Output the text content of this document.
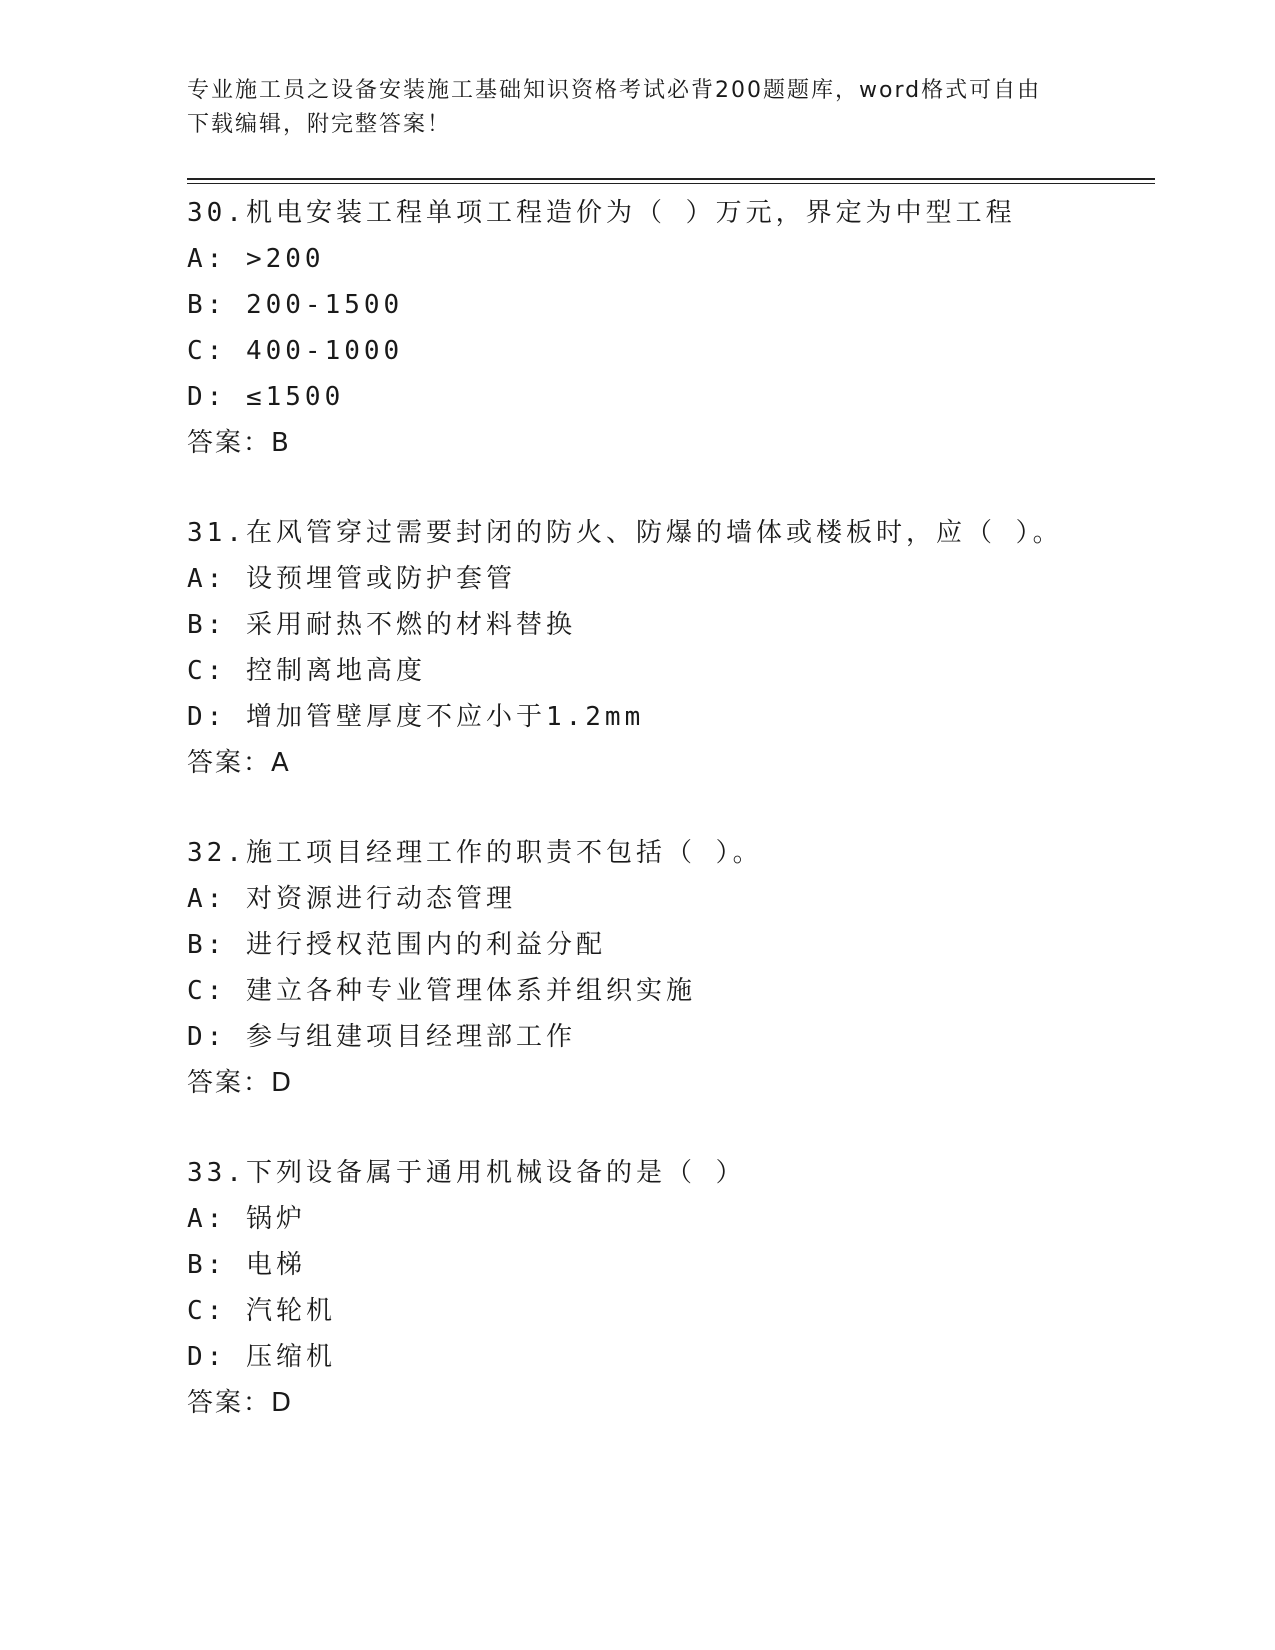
专业施工员之设备安装施工基础知识资格考试必背200题题库，word格式可自由
下载编辑，附完整答案！
30.机电安装工程单项工程造价为（ ）万元，界定为中型工程
A: >200
B: 200-1500
C: 400-1000
D: ≤1500
答案：B
31.在风管穿过需要封闭的防火、防爆的墙体或楼板时，应（ ）。
A: 设预埋管或防护套管
B: 采用耐热不燃的材料替换
C: 控制离地高度
D: 增加管壁厚度不应小于1.2mm
答案：A
32.施工项目经理工作的职责不包括（ ）。
A: 对资源进行动态管理
B: 进行授权范围内的利益分配
C: 建立各种专业管理体系并组织实施
D: 参与组建项目经理部工作
答案：D
33.下列设备属于通用机械设备的是（ ）
A: 锅炉
B: 电梯
C: 汽轮机
D: 压缩机
答案：D
